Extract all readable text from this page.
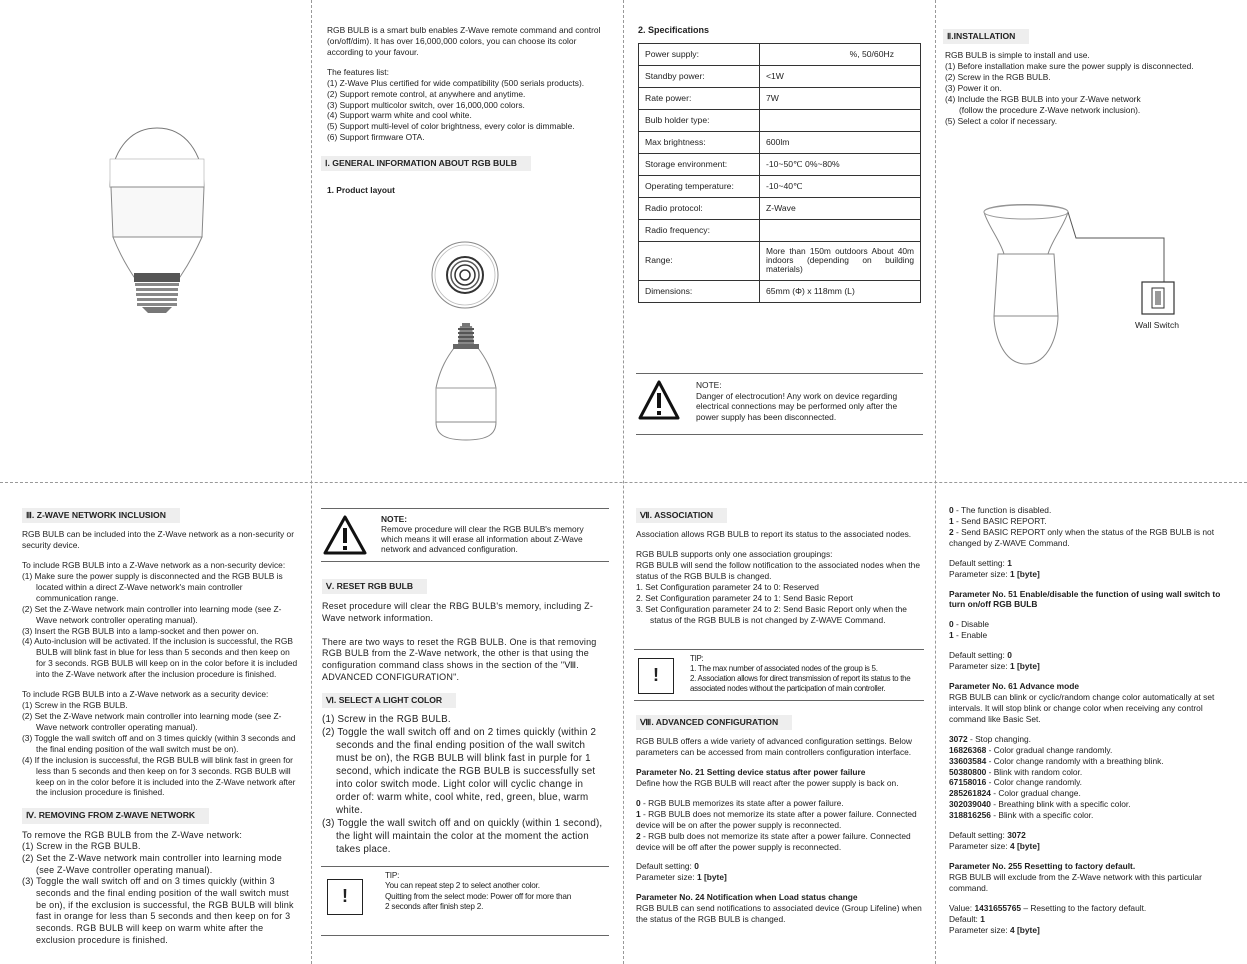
RGB BULB is a smart bulb enables Z-Wave remote command and control (on/off/dim). It has over 16,000,000 colors, you can choose its color according to your favour.

The features list:

(1) Z-Wave Plus certified for wide compatibility (500 serials products).
(2) Support remote control, at anywhere and anytime.
(3) Support multicolor switch, over 16,000,000 colors.
(4) Support warm white and cool white.
(5) Support multi-level of color brightness, every color is dimmable.
(6) Support firmware OTA.
Ⅰ. GENERAL INFORMATION ABOUT RGB BULB

1. Product layout

2. Specifications

Power supply:	%, 50/60Hz
Standby power:	<1W
Rate power:	7W
Bulb holder type:	
Max brightness:	600lm
Storage environment:	-10~50℃ 0%~80%
Operating temperature:	-10~40℃
Radio protocol:	Z-Wave
Radio frequency:	
Range:	More than 150m outdoors About 40m indoors (depending on building materials)
Dimensions:	65mm (Φ) x 118mm (L)
NOTE:
Danger of electrocution! Any work on device regarding electrical connections may be performed only after the power supply has been disconnected.
Ⅱ.INSTALLATION

RGB BULB is simple to install and use.

(1) Before installation make sure the power supply is disconnected.
(2) Screw in the RGB BULB.
(3) Power it on.
(4) Include the RGB BULB into your Z-Wave network
(follow the procedure Z-Wave network inclusion).
(5) Select a color if necessary.
Wall Switch
Ⅲ. Z-WAVE NETWORK INCLUSION

RGB BULB can be included into the Z-Wave network as a non-security or security device.

To include RGB BULB into a Z-Wave network as a non-security device:

(1) Make sure the power supply is disconnected and the RGB BULB is located within a direct Z-Wave network's main controller communication range.
(2) Set the Z-Wave network main controller into learning mode (see Z-Wave network controller operating manual).
(3) Insert the RGB BULB into a lamp-socket and then power on.
(4) Auto-inclusion will be activated. If the inclusion is successful, the RGB BULB will blink fast in blue for less than 5 seconds and then keep on for 3 seconds. RGB BULB will keep on in the color before it is included into the Z-Wave network after the inclusion procedure is finished.

To include RGB BULB into a Z-Wave network as a security device:

(1) Screw in the RGB BULB.
(2) Set the Z-Wave network main controller into learning mode (see Z-Wave network controller operating manual).
(3) Toggle the wall switch off and on 3 times quickly (within 3 seconds and the final ending position of the wall switch must be on).
(4) If the inclusion is successful, the RGB BULB will blink fast in green for less than 5 seconds and then keep on for 3 seconds. RGB BULB will keep on in the color before it is included into the Z-Wave network after the inclusion procedure is finished.
Ⅳ. REMOVING FROM Z-WAVE NETWORK

To remove the RGB BULB from the Z-Wave network:

(1) Screw in the RGB BULB.
(2) Set the Z-Wave network main controller into learning mode (see Z-Wave controller operating manual).
(3) Toggle the wall switch off and on 3 times quickly (within 3 seconds and the final ending position of the wall switch must be on), if the exclusion is successful, the RGB BULB will blink fast in orange for less than 5 seconds and then keep on for 3 seconds. RGB BULB will keep on warm white after the exclusion procedure is finished.
NOTE:
Remove procedure will clear the RGB BULB's memory which means it will erase all information about Z-Wave network and advanced configuration.
Ⅴ. RESET RGB BULB

Reset procedure will clear the RBG BULB's memory, including Z-Wave network information.

There are two ways to reset the RGB BULB. One is that removing RGB BULB from the Z-Wave network, the other is that using the configuration command class shows in the section of the "Ⅷ. ADVANCED CONFIGURATION".

Ⅵ. SELECT A LIGHT COLOR
(1) Screw in the RGB BULB.
(2) Toggle the wall switch off and on 2 times quickly (within 2 seconds and the final ending position of the wall switch must be on), the RGB BULB will blink fast in purple for 1 second, which indicate the RGB BULB is successfully set into color switch mode. Light color will cyclic change in order of: warm white, cool white, red, green, blue, warm white.
(3) Toggle the wall switch off and on quickly (within 1 second), the light will maintain the color at the moment the action takes place.
!
TIP:
You can repeat step 2 to select another color.
Quitting from the select mode: Power off for more than 2 seconds after finish step 2.
Ⅶ. ASSOCIATION

Association allows RGB BULB to report its status to the associated nodes.

RGB BULB supports only one association groupings:

RGB BULB will send the follow notification to the associated nodes when the status of the RGB BULB is changed.

1. Set Configuration parameter 24 to 0: Reserved
2. Set Configuration parameter 24 to 1: Send Basic Report
3. Set Configuration parameter 24 to 2: Send Basic Report only when the status of the RGB BULB is not changed by Z-WAVE Command.
!
TIP:
1. The max number of associated nodes of the group is 5.
2. Association allows for direct transmission of report its status to the associated nodes without the participation of main controller.
Ⅷ. ADVANCED CONFIGURATION

RGB BULB offers a wide variety of advanced configuration settings. Below parameters can be accessed from main controllers configuration interface.

Parameter No. 21 Setting device status after power failure

Define how the RGB BULB will react after the power supply is back on.

0 - RGB BULB memorizes its state after a power failure.

1 - RGB BULB does not memorize its state after a power failure. Connected device will be on after the power supply is reconnected.

2 - RGB bulb does not memorize its state after a power failure. Connected device will be off after the power supply is reconnected.

Default setting: 0

Parameter size: 1 [byte]

Parameter No. 24 Notification when Load status change

RGB BULB can send notifications to associated device (Group Lifeline) when the status of the RGB BULB is changed.

0 - The function is disabled.

1 - Send BASIC REPORT.

2 - Send BASIC REPORT only when the status of the RGB BULB is not changed by Z-WAVE Command.

Default setting: 1

Parameter size: 1 [byte]

Parameter No. 51 Enable/disable the function of using wall switch to turn on/off RGB BULB

0 - Disable

1 - Enable

Default setting: 0

Parameter size: 1 [byte]

Parameter No. 61 Advance mode

RGB BULB can blink or cyclic/random change color automatically at set intervals. It will stop blink or change color when receiving any control command like Basic Set.

3072 - Stop changing.

16826368 - Color gradual change randomly.

33603584 - Color change randomly with a breathing blink.

50380800 - Blink with random color.

67158016 - Color change randomly.

285261824 - Color gradual change.

302039040 - Breathing blink with a specific color.

318816256 - Blink with a specific color.

Default setting: 3072

Parameter size: 4 [byte]

Parameter No. 255 Resetting to factory default.

RGB BULB will exclude from the Z-Wave network with this particular command.

Value: 1431655765 – Resetting to the factory default.

Default: 1

Parameter size: 4 [byte]
